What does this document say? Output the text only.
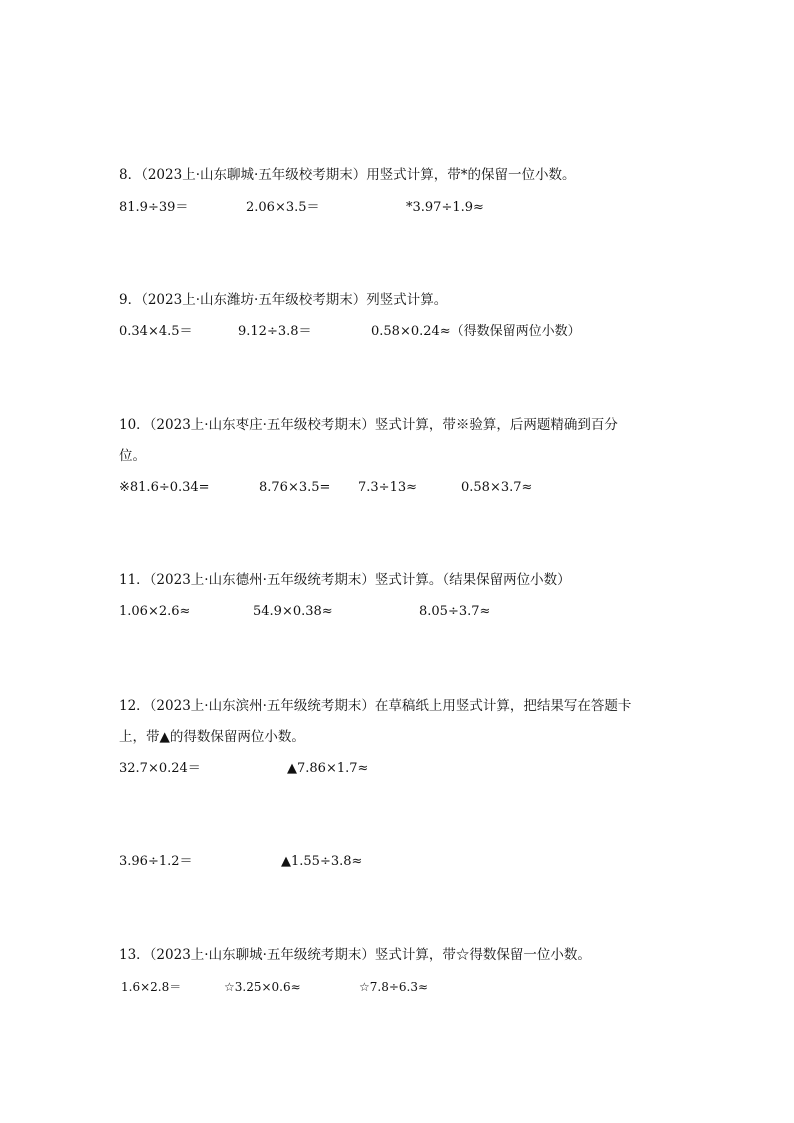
8．（2023上·山东聊城·五年级校考期末）用竖式计算，带*的保留一位小数。
81.9÷39＝	2.06×3.5＝	*3.97÷1.9≈
9．（2023上·山东潍坊·五年级校考期末）列竖式计算。
0.34×4.5＝	9.12÷3.8＝	0.58×0.24≈（得数保留两位小数）
10．（2023上·山东枣庄·五年级校考期末）竖式计算，带※验算，后两题精确到百分
位。
※81.6÷0.34=	8.76×3.5= 7.3÷13≈	0.58×3.7≈
11．（2023上·山东德州·五年级统考期末）竖式计算。（结果保留两位小数）
1.06×2.6≈	54.9×0.38≈	8.05÷3.7≈
12．（2023上·山东滨州·五年级统考期末）在草稿纸上用竖式计算，把结果写在答题卡
上，带▲的得数保留两位小数。
32.7×0.24＝	▲7.86×1.7≈
3.96÷1.2＝	▲1.55÷3.8≈
13．（2023上·山东聊城·五年级统考期末）竖式计算，带☆得数保留一位小数。
1.6×2.8＝	☆3.25×0.6≈	☆7.8÷6.3≈
